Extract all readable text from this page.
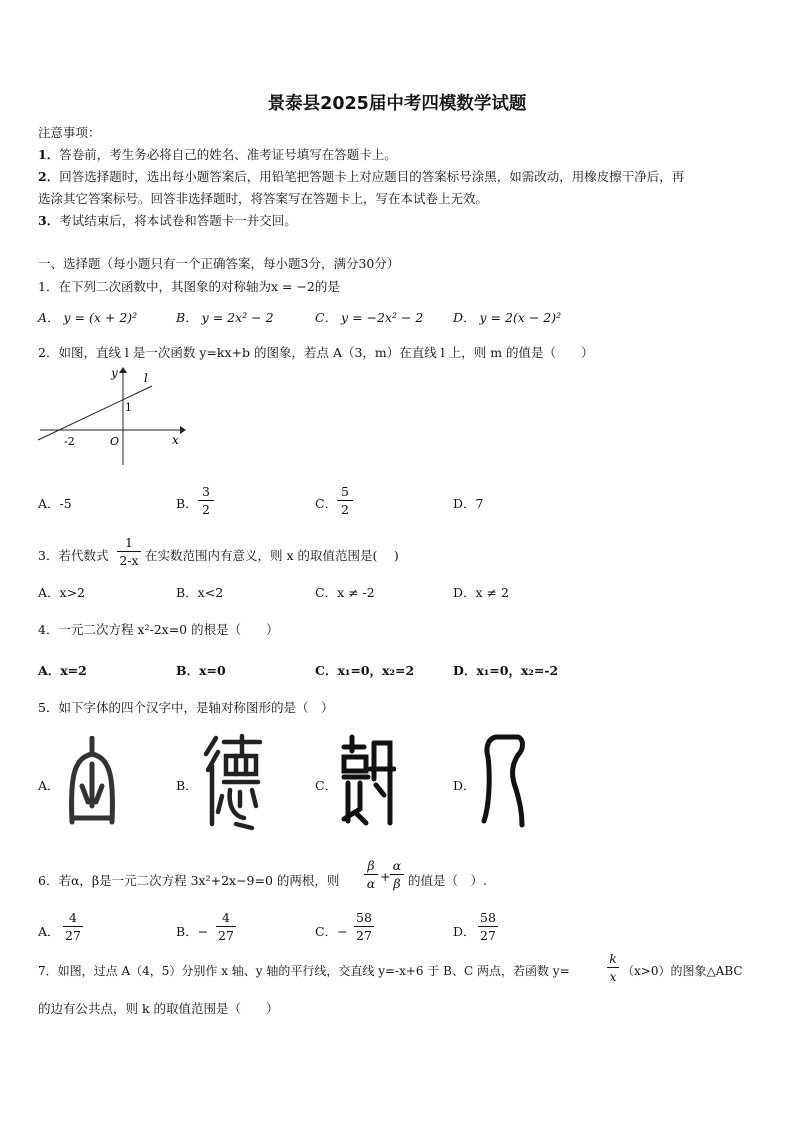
景泰县2025届中考四模数学试题
注意事项：
1．答卷前，考生务必将自己的姓名、准考证号填写在答题卡上。
2．回答选择题时，选出每小题答案后，用铅笔把答题卡上对应题目的答案标号涂黑，如需改动，用橡皮擦干净后，再
选涂其它答案标号。回答非选择题时，将答案写在答题卡上，写在本试卷上无效。
3．考试结束后，将本试卷和答题卡一并交回。
一、选择题（每小题只有一个正确答案，每小题3分，满分30分）
1．在下列二次函数中，其图象的对称轴为x = −2的是
A． y = (x + 2)²	B． y = 2x² − 2	C． y = −2x² − 2 D． y = 2(x − 2)²
2．如图，直线 l 是一次函数 y=kx+b 的图象，若点 A（3，m）在直线 l 上，则 m 的值是（　　）
y l
1
-2	O	x
A．-5	B．
3
2	C．
5
2	D．7
3．若代数式
1
2-x 在实数范围内有意义，则 x 的取值范围是(　 )
A．x>2	B．x<2	C．x ≠ -2	D．x ≠ 2
4．一元二次方程 x²-2x=0 的根是（　　）
A．x=2	B．x=0	C．x₁=0，x₂=2	D．x₁=0，x₂=-2
5．如下字体的四个汉字中，是轴对称图形的是（　）
A．	B．	C．	D．
6．若α，β是一元二次方程 3x²+2x−9=0 的两根，则
β
α +
α
β 的值是（　）.
A．
4
27	B．−
4
27	C．−
58
27	D．
58
27
7．如图，过点 A（4，5）分别作 x 轴、y 轴的平行线，交直线 y=-x+6 于 B、C 两点，若函数 y=
k
x （x>0）的图象△ABC
的边有公共点，则 k 的取值范围是（　　）
